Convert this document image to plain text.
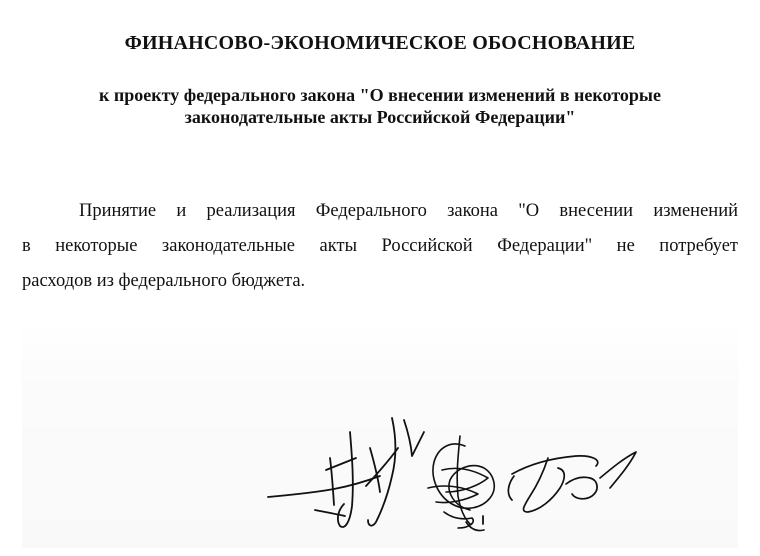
ФИНАНСОВО-ЭКОНОМИЧЕСКОЕ ОБОСНОВАНИЕ
к проекту федерального закона "О внесении изменений в некоторые
законодательные акты Российской Федерации"
Принятие и реализация Федерального закона "О внесении изменений
в некоторые законодательные акты Российской Федерации" не потребует
расходов из федерального бюджета.
